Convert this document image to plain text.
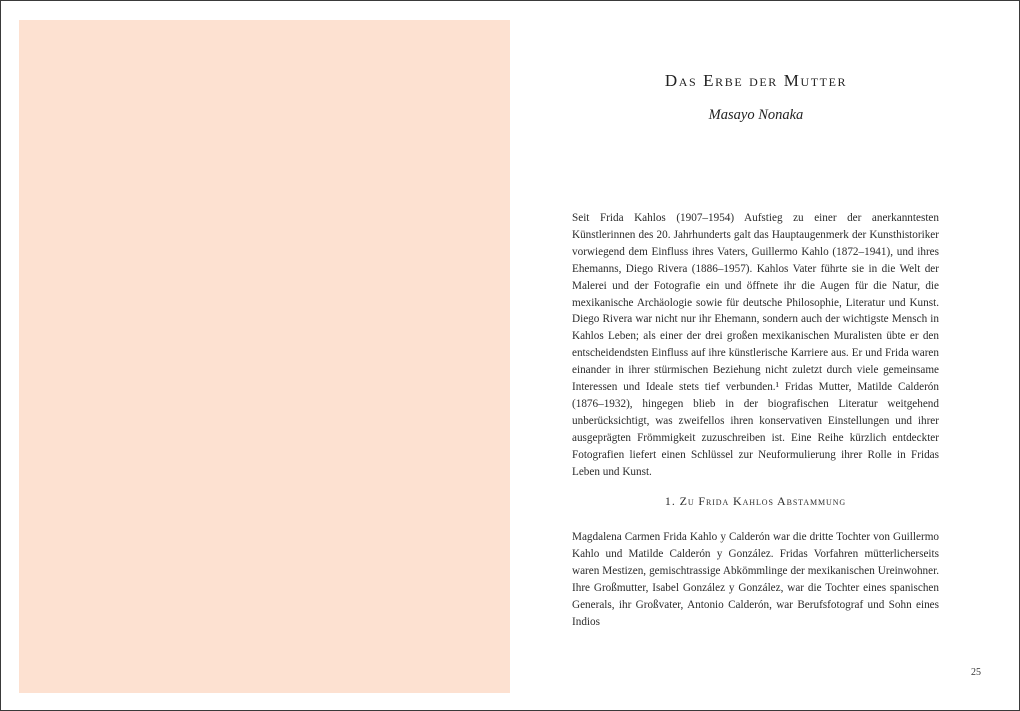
Das Erbe der Mutter
Masayo Nonaka

Seit Frida Kahlos (1907–1954) Aufstieg zu einer der anerkanntesten Künstlerinnen des 20. Jahrhunderts galt das Hauptaugenmerk der Kunsthistoriker vorwiegend dem Einfluss ihres Vaters, Guillermo Kahlo (1872–1941), und ihres Ehemanns, Diego Rivera (1886–1957). Kahlos Vater führte sie in die Welt der Malerei und der Fotografie ein und öffnete ihr die Augen für die Natur, die mexikanische Archäologie sowie für deutsche Philosophie, Literatur und Kunst. Diego Rivera war nicht nur ihr Ehemann, sondern auch der wichtigste Mensch in Kahlos Leben; als einer der drei großen mexikanischen Muralisten übte er den entscheidendsten Einfluss auf ihre künstlerische Karriere aus. Er und Frida waren einander in ihrer stürmischen Beziehung nicht zuletzt durch viele gemeinsame Interessen und Ideale stets tief verbunden.¹ Fridas Mutter, Matilde Calderón (1876–1932), hingegen blieb in der biografischen Literatur weitgehend unberücksichtigt, was zweifellos ihren konservativen Einstellungen und ihrer ausgeprägten Frömmigkeit zuzuschreiben ist. Eine Reihe kürzlich entdeckter Fotografien liefert einen Schlüssel zur Neuformulierung ihrer Rolle in Fridas Leben und Kunst.

1. Zu Frida Kahlos Abstammung

Magdalena Carmen Frida Kahlo y Calderón war die dritte Tochter von Guillermo Kahlo und Matilde Calderón y González. Fridas Vorfahren mütterlicherseits waren Mestizen, gemischtrassige Abkömmlinge der mexikanischen Ureinwohner. Ihre Großmutter, Isabel González y González, war die Tochter eines spanischen Generals, ihr Großvater, Antonio Calderón, war Berufsfotograf und Sohn eines Indios

25
